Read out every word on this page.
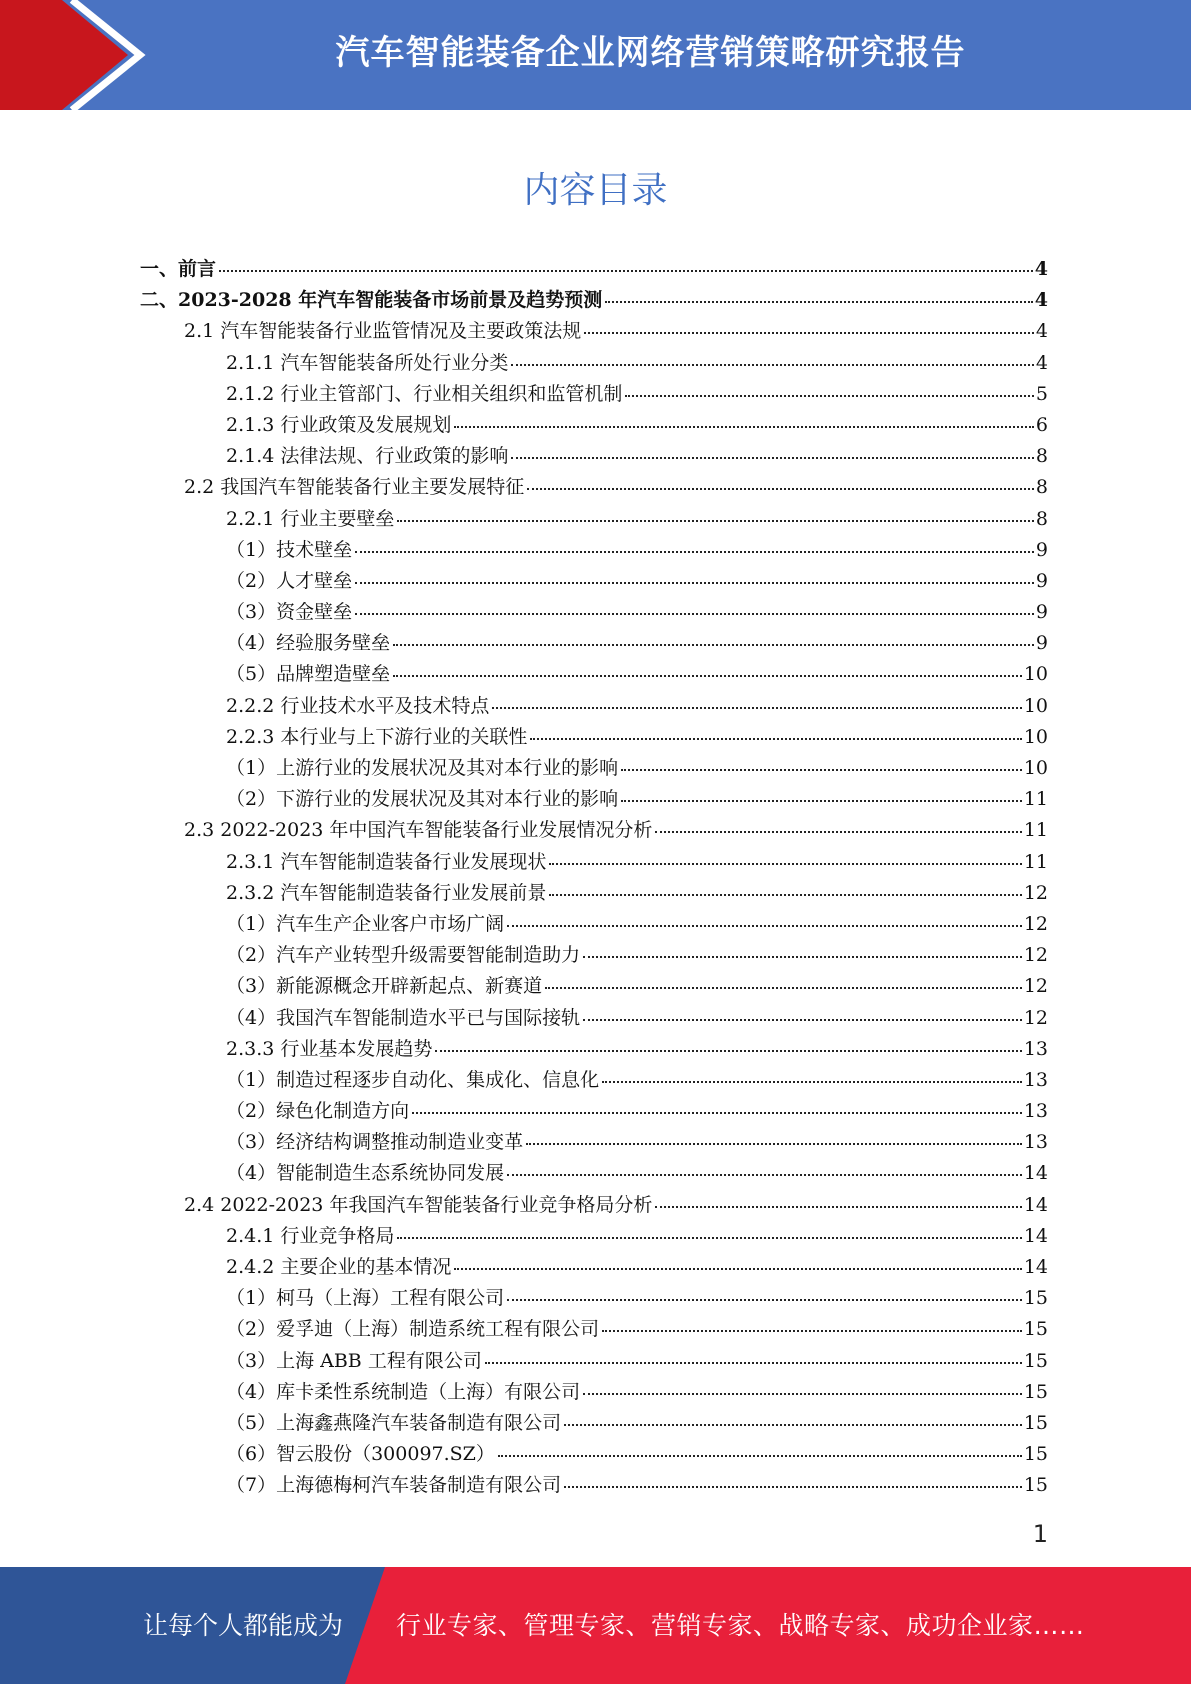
汽车智能装备企业网络营销策略研究报告
内容目录
一、前言	4
二、2023-2028 年汽车智能装备市场前景及趋势预测	4
2.1 汽车智能装备行业监管情况及主要政策法规	4
2.1.1 汽车智能装备所处行业分类	4
2.1.2 行业主管部门、行业相关组织和监管机制	5
2.1.3 行业政策及发展规划	6
2.1.4 法律法规、行业政策的影响	8
2.2 我国汽车智能装备行业主要发展特征	8
2.2.1 行业主要壁垒	8
（1）技术壁垒	9
（2）人才壁垒	9
（3）资金壁垒	9
（4）经验服务壁垒	9
（5）品牌塑造壁垒	10
2.2.2 行业技术水平及技术特点	10
2.2.3 本行业与上下游行业的关联性	10
（1）上游行业的发展状况及其对本行业的影响	10
（2）下游行业的发展状况及其对本行业的影响	11
2.3 2022-2023 年中国汽车智能装备行业发展情况分析	11
2.3.1 汽车智能制造装备行业发展现状	11
2.3.2 汽车智能制造装备行业发展前景	12
（1）汽车生产企业客户市场广阔	12
（2）汽车产业转型升级需要智能制造助力	12
（3）新能源概念开辟新起点、新赛道	12
（4）我国汽车智能制造水平已与国际接轨	12
2.3.3 行业基本发展趋势	13
（1）制造过程逐步自动化、集成化、信息化	13
（2）绿色化制造方向	13
（3）经济结构调整推动制造业变革	13
（4）智能制造生态系统协同发展	14
2.4 2022-2023 年我国汽车智能装备行业竞争格局分析	14
2.4.1 行业竞争格局	14
2.4.2 主要企业的基本情况	14
（1）柯马（上海）工程有限公司	15
（2）爱孚迪（上海）制造系统工程有限公司	15
（3）上海 ABB 工程有限公司	15
（4）库卡柔性系统制造（上海）有限公司	15
（5）上海鑫燕隆汽车装备制造有限公司	15
（6）智云股份（300097.SZ）	15
（7）上海德梅柯汽车装备制造有限公司	15
1
让每个人都能成为 行业专家、管理专家、营销专家、战略专家、成功企业家……
